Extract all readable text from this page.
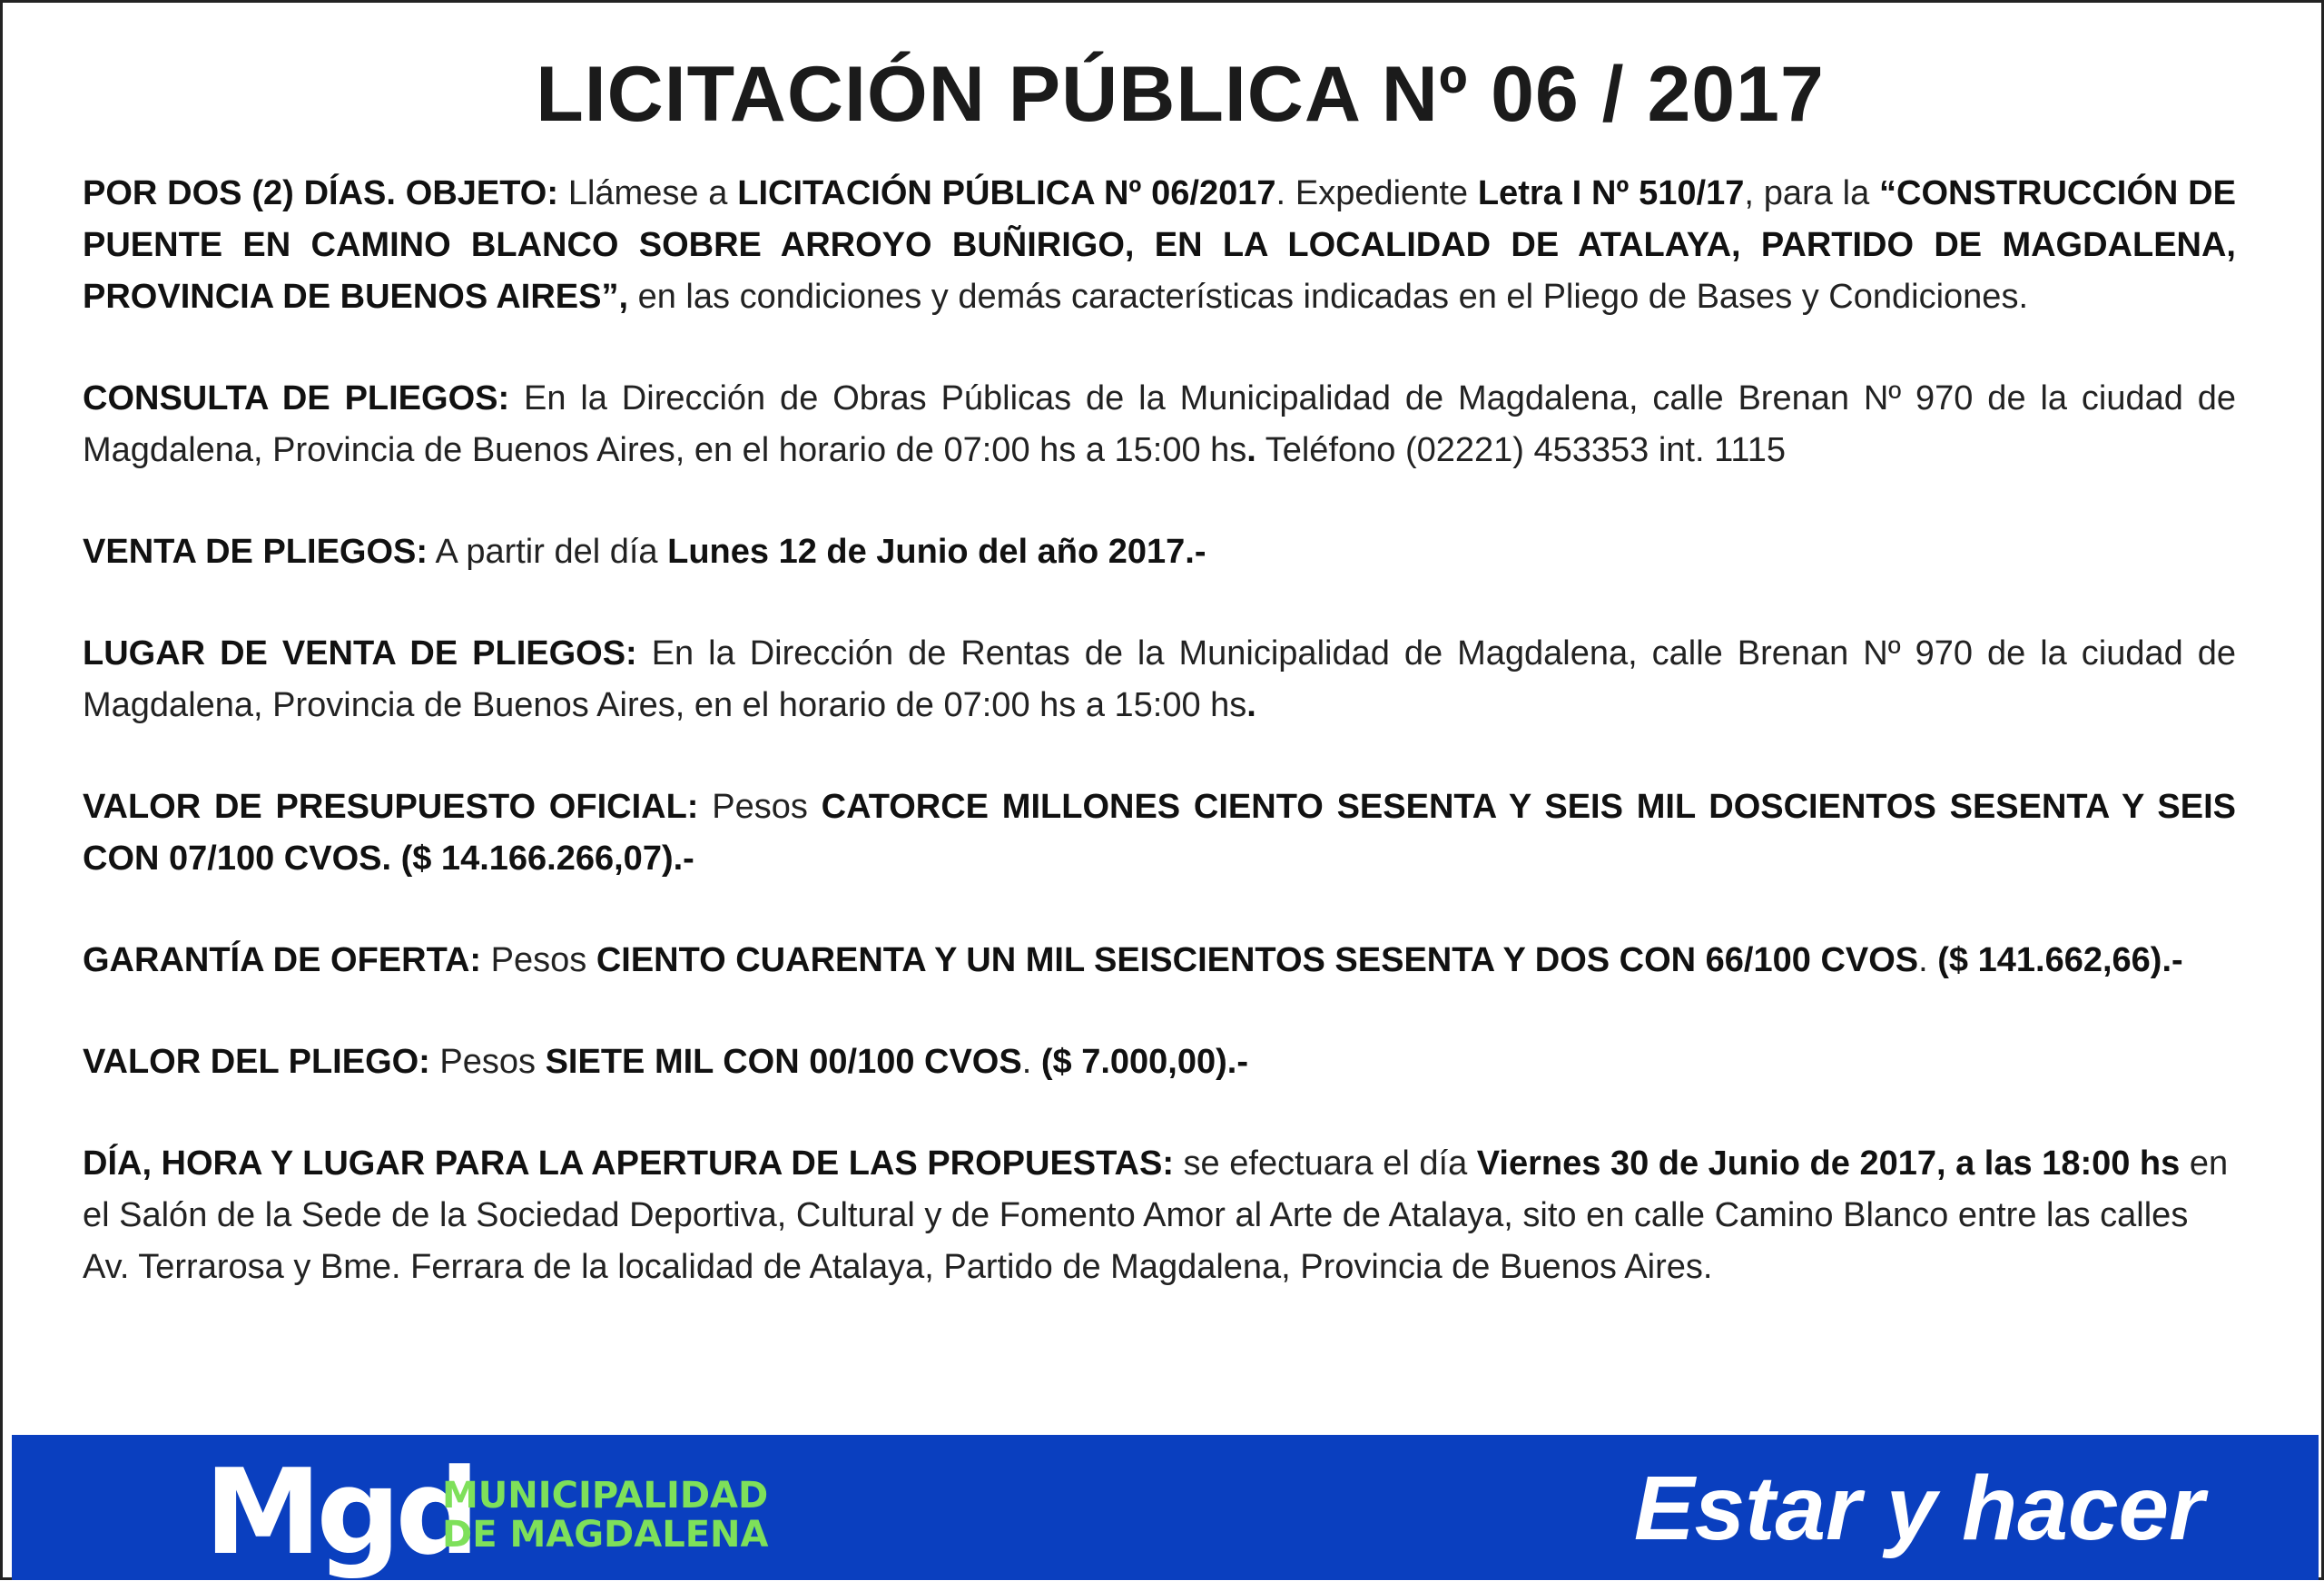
LICITACIÓN PÚBLICA Nº 06 / 2017

POR DOS (2) DÍAS. OBJETO: Llámese a LICITACIÓN PÚBLICA Nº 06/2017. Expediente Letra I Nº 510/17, para la “CONSTRUCCIÓN DE PUENTE EN CAMINO BLANCO SOBRE ARROYO BUÑIRIGO, EN LA LOCALIDAD DE ATALAYA, PARTIDO DE MAGDALENA, PROVINCIA DE BUENOS AIRES”, en las condiciones y demás características indicadas en el Pliego de Bases y Condiciones.

CONSULTA DE PLIEGOS: En la Dirección de Obras Públicas de la Municipalidad de Magdalena, calle Brenan Nº 970 de la ciudad de Magdalena, Provincia de Buenos Aires, en el horario de 07:00 hs a 15:00 hs. Teléfono (02221) 453353 int. 1115

VENTA DE PLIEGOS: A partir del día Lunes 12 de Junio del año 2017.-

LUGAR DE VENTA DE PLIEGOS: En la Dirección de Rentas de la Municipalidad de Magdalena, calle Brenan Nº 970 de la ciudad de Magdalena, Provincia de Buenos Aires, en el horario de 07:00 hs a 15:00 hs.

VALOR DE PRESUPUESTO OFICIAL: Pesos CATORCE MILLONES CIENTO SESENTA Y SEIS MIL DOSCIENTOS SESENTA Y SEIS CON 07/100 CVOS. ($ 14.166.266,07).-

GARANTÍA DE OFERTA: Pesos CIENTO CUARENTA Y UN MIL SEISCIENTOS SESENTA Y DOS CON 66/100 CVOS. ($ 141.662,66).-

VALOR DEL PLIEGO: Pesos SIETE MIL CON 00/100 CVOS. ($ 7.000,00).-

DÍA, HORA Y LUGAR PARA LA APERTURA DE LAS PROPUESTAS: se efectuara el día Viernes 30 de Junio de 2017, a las 18:00 hs en el Salón de la Sede de la Sociedad Deportiva, Cultural y de Fomento Amor al Arte de Atalaya, sito en calle Camino Blanco entre las calles Av. Terrarosa y Bme. Ferrara de la localidad de Atalaya, Partido de Magdalena, Provincia de Buenos Aires.

Mgd
MUNICIPALIDAD
DE MAGDALENA	Estar y hacer
